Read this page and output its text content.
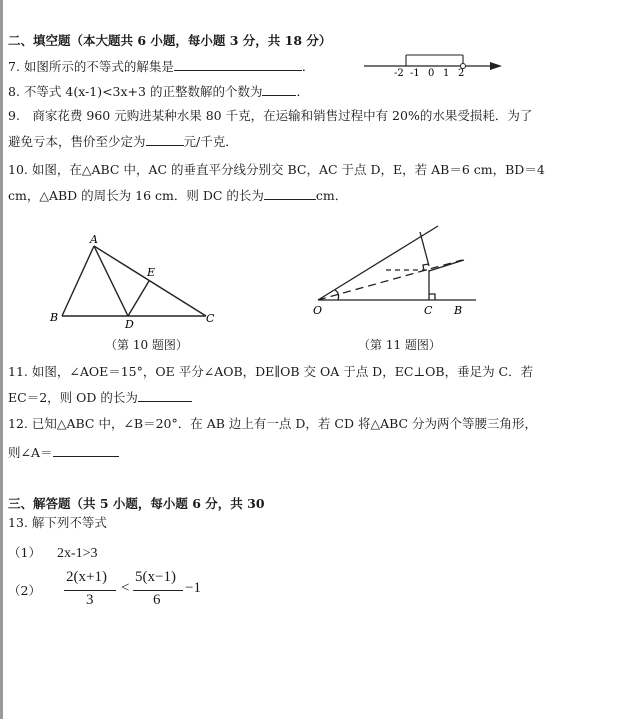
二、填空题（本大题共 6 小题，每小题 3 分，共 18 分）
7. 如图所示的不等式的解集是	．	-2 -1 0 1 2
8. 不等式 4(x-1)<3x+3 的正整数解的个数为	．
9.　商家花费 960 元购进某种水果 80 千克，在运输和销售过程中有 20%的水果受损耗．为了
避免亏本，售价至少定为	元/千克．
10. 如图，在△ABC 中，AC 的垂直平分线分别交 BC，AC 于点 D，E，若 AB＝6 cm，BD＝4
cm，△ABD 的周长为 16 cm．则 DC 的长为	cm．
A
B	C
D
E
（第 10 题图）
O	C B
（第 11 题图）
11. 如图，∠AOE＝15°，OE 平分∠AOB，DE∥OB 交 OA 于点 D，EC⊥OB，垂足为 C．若
EC＝2，则 OD 的长为
12. 已知△ABC 中，∠B＝20°．在 AB 边上有一点 D，若 CD 将△ABC 分为两个等腰三角形，
则∠A＝
三、解答题（共 5 小题，每小题 6 分，共 30
13. 解下列不等式
（1） 2x-1>3
（2）
2(x+1)
3
<
5(x−1)
6
−1
